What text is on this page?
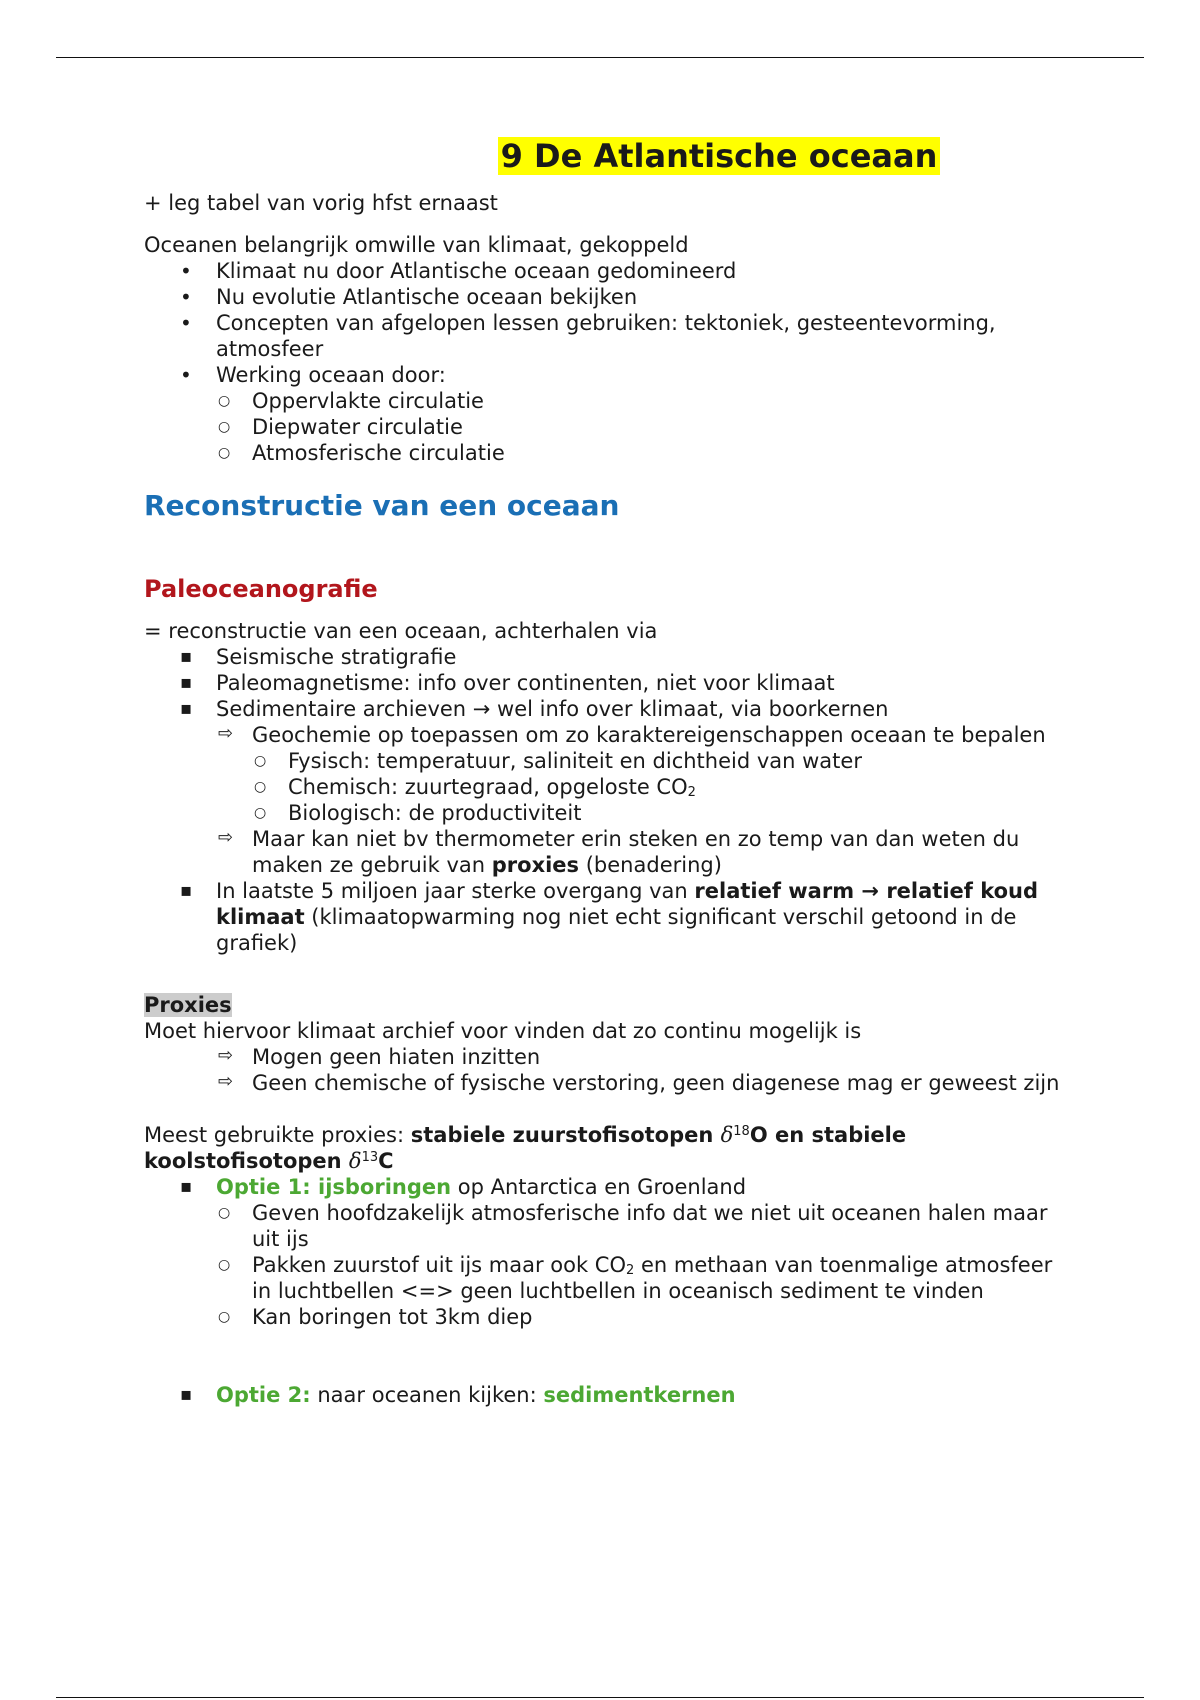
9 De Atlantische oceaan

+ leg tabel van vorig hfst ernaast

Oceanen belangrijk omwille van klimaat, gekoppeld

• Klimaat nu door Atlantische oceaan gedomineerd
• Nu evolutie Atlantische oceaan bekijken
• Concepten van afgelopen lessen gebruiken: tektoniek, gesteentevorming, atmosfeer
• Werking oceaan door:
○ Oppervlakte circulatie
○ Diepwater circulatie
○ Atmosferische circulatie
Reconstructie van een oceaan
Paleoceanografie

= reconstructie van een oceaan, achterhalen via

▪ Seismische stratigrafie
▪ Paleomagnetisme: info over continenten, niet voor klimaat
▪ Sedimentaire archieven → wel info over klimaat, via boorkernen
⇨ Geochemie op toepassen om zo karaktereigenschappen oceaan te bepalen
○ Fysisch: temperatuur, saliniteit en dichtheid van water
○ Chemisch: zuurtegraad, opgeloste $CO_2$
○ Biologisch: de productiviteit
⇨ Maar kan niet bv thermometer erin steken en zo temp van dan weten du maken ze gebruik van proxies (benadering)
▪ In laatste 5 miljoen jaar sterke overgang van relatief warm → relatief koud klimaat (klimaatopwarming nog niet echt significant verschil getoond in de grafiek)

Proxies

Moet hiervoor klimaat archief voor vinden dat zo continu mogelijk is

⇨ Mogen geen hiaten inzitten
⇨ Geen chemische of fysische verstoring, geen diagenese mag er geweest zijn

Meest gebruikte proxies: stabiele zuurstofisotopen $\delta^{18}O$ en stabiele koolstofisotopen $\delta^{13}C$

▪ Optie 1: ijsboringen op Antarctica en Groenland
○ Geven hoofdzakelijk atmosferische info dat we niet uit oceanen halen maar uit ijs
○ Pakken zuurstof uit ijs maar ook $CO_2$ en methaan van toenmalige atmosfeer in luchtbellen <=> geen luchtbellen in oceanisch sediment te vinden
○ Kan boringen tot 3km diep
▪ Optie 2: naar oceanen kijken: sedimentkernen
